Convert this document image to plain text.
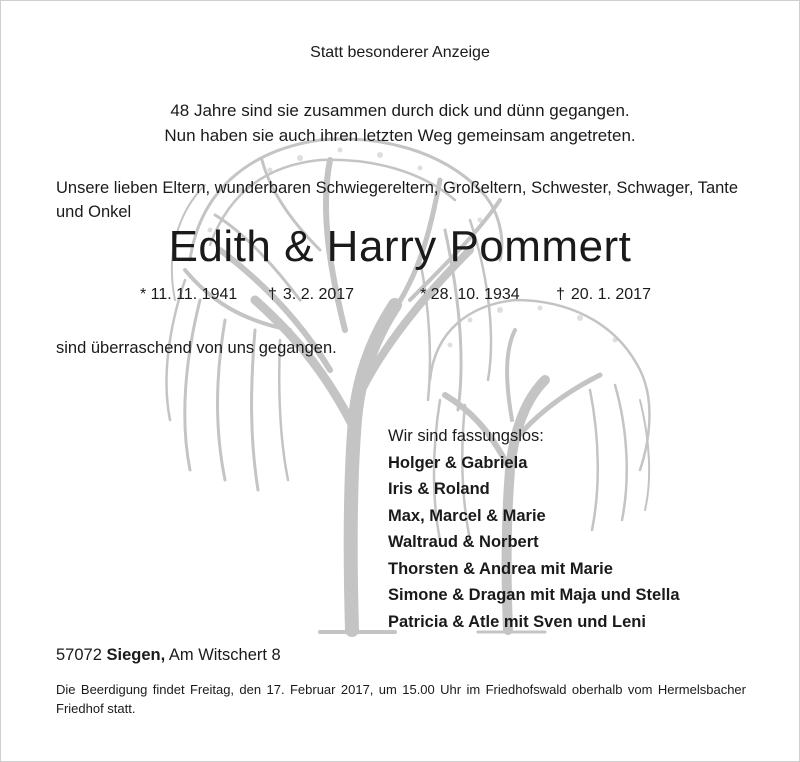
Statt besonderer Anzeige
48 Jahre sind sie zusammen durch dick und dünn gegangen.
Nun haben sie auch ihren letzten Weg gemeinsam angetreten.
Unsere lieben Eltern, wunderbaren Schwiegereltern, Großeltern, Schwester, Schwager, Tante und Onkel
Edith & Harry Pommert
* 11. 11. 1941 † 3. 2. 2017	* 28. 10. 1934 † 20. 1. 2017
sind überraschend von uns gegangen.
Wir sind fassungslos:
Holger & Gabriela
Iris & Roland
Max, Marcel & Marie
Waltraud & Norbert
Thorsten & Andrea mit Marie
Simone & Dragan mit Maja und Stella
Patricia & Atle mit Sven und Leni
57072 Siegen, Am Witschert 8
Die Beerdigung findet Freitag, den 17. Februar 2017, um 15.00 Uhr im Friedhofswald oberhalb vom Hermelsbacher Friedhof statt.
